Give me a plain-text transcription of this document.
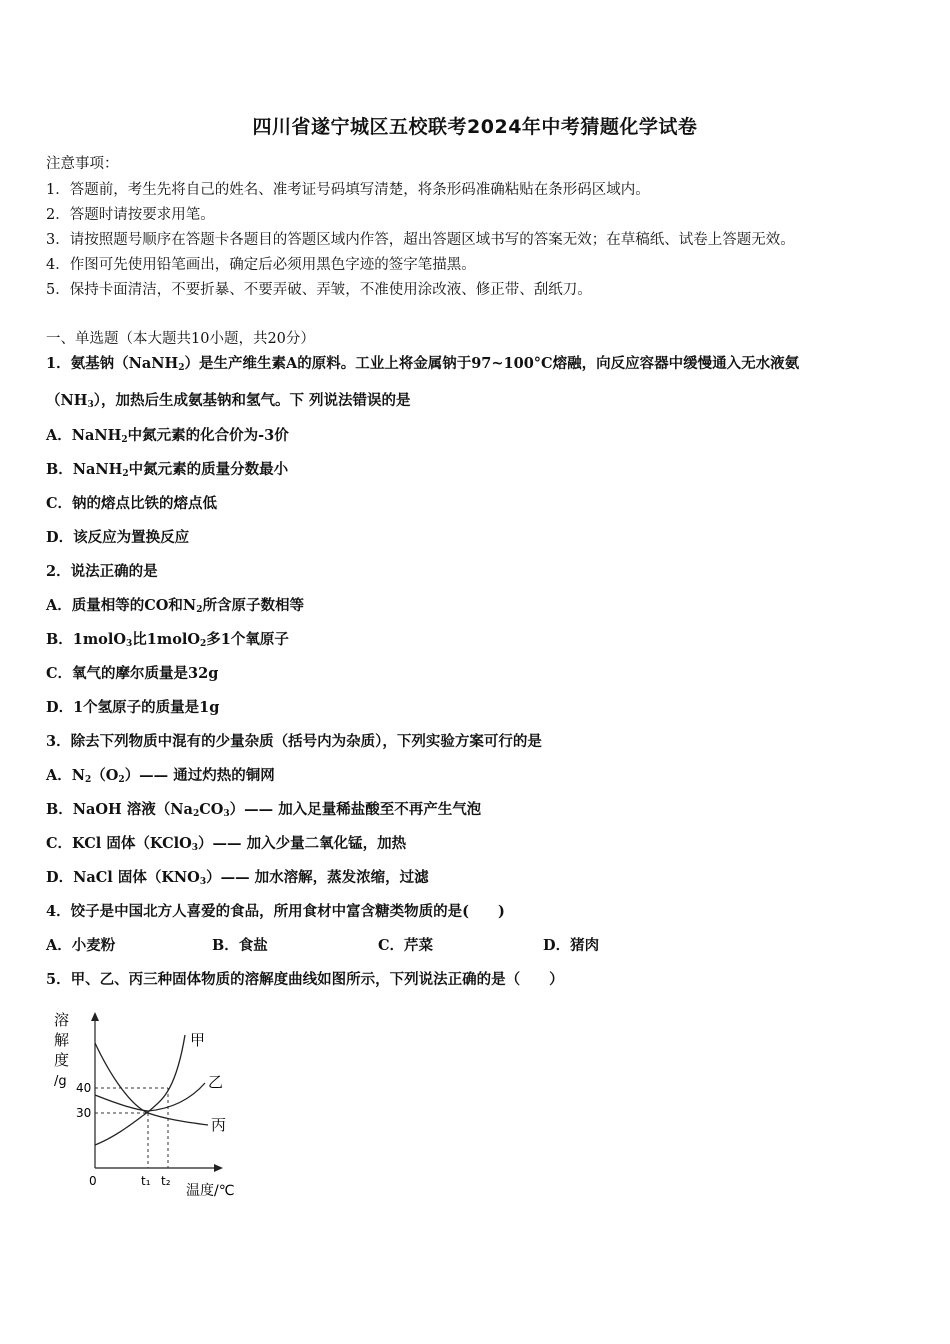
四川省遂宁城区五校联考2024年中考猜题化学试卷
注意事项：
1．答题前，考生先将自己的姓名、准考证号码填写清楚，将条形码准确粘贴在条形码区域内。
2．答题时请按要求用笔。
3．请按照题号顺序在答题卡各题目的答题区域内作答，超出答题区域书写的答案无效；在草稿纸、试卷上答题无效。
4．作图可先使用铅笔画出，确定后必须用黑色字迹的签字笔描黑。
5．保持卡面清洁，不要折暴、不要弄破、弄皱，不准使用涂改液、修正带、刮纸刀。
一、单选题（本大题共10小题，共20分）
1．氨基钠（NaNH$_2$）是生产维生素A的原料。工业上将金属钠于97~100°C熔融，向反应容器中缓慢通入无水液氨
$(NH_3)$，加热后生成氨基钠和氢气。下 列说法错误的是
A．NaNH$_2$中氮元素的化合价为-3价
B．NaNH$_2$中氮元素的质量分数最小
C．钠的熔点比铁的熔点低
D．该反应为置换反应
2．说法正确的是
A．质量相等的CO和$N_2$所含原子数相等
B．1molO$_3$比1molO$_2$多1个氧原子
C．氧气的摩尔质量是32g
D．1个氢原子的质量是1g
3．除去下列物质中混有的少量杂质（括号内为杂质），下列实验方案可行的是
A．$N_2(O_2)——$ 通过灼热的铜网
B．NaOH 溶液$(Na_2CO_3)——$ 加入足量稀盐酸至不再产生气泡
C．KCl 固体（KClO$_3$）—— 加入少量二氧化锰，加热
D．NaCl 固体$(KNO_3)——$ 加水溶解，蒸发浓缩，过滤
4．饺子是中国北方人喜爱的食品，所用食材中富含糖类物质的是(　　)
A．小麦粉	B．食盐	C．芹菜	D．猪肉
5．甲、乙、丙三种固体物质的溶解度曲线如图所示，下列说法正确的是（　　）
溶
解
度
/g 40
30
0	t₁ t₂
温度/℃
甲
乙
丙
